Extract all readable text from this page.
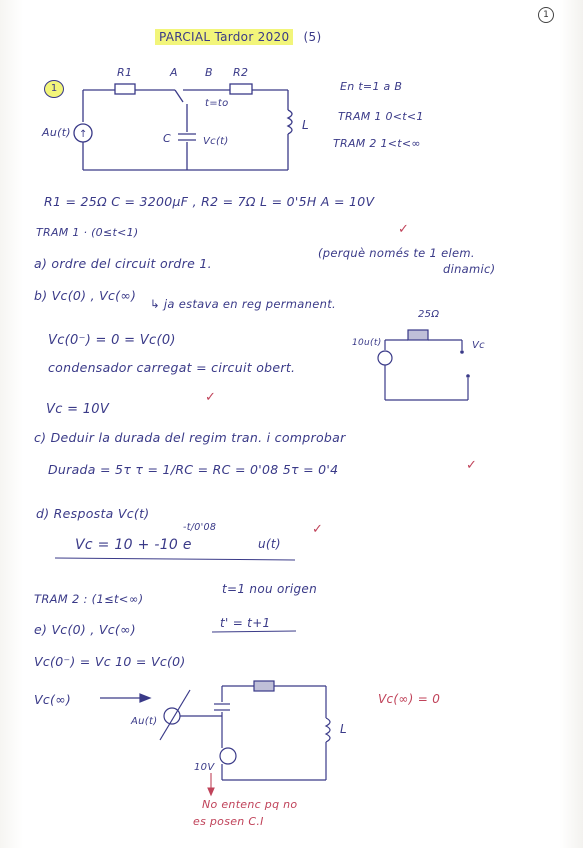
1
PARCIAL Tardor 2020 (5)
1
↑
R1	A B R2
t=to
Au(t)	C	Vc(t)
L
En t=1 a B
TRAM 1 0<t<1
TRAM 2 1<t<∞
R1 = 25Ω C = 3200μF , R2 = 7Ω L = 0'5H A = 10V
TRAM 1 · (0≤t<1)	✓
a) ordre del circuit ordre 1.
(perquè només te 1 elem.
dinamic)
b) Vc(0) , Vc(∞)
↳ ja estava en reg permanent.
Vc(0⁻) = 0 = Vc(0)
condensador carregat = circuit obert.
✓
Vc = 10V
25Ω
10u(t)	Vc
c) Deduir la durada del regim tran. i comprobar
Durada = 5τ τ = 1/RC = RC = 0'08 5τ = 0'4	✓
d) Resposta Vc(t)
-t/0'08
Vc = 10 + -10 e	u(t)
✓
TRAM 2 : (1≤t<∞)
t=1 nou origen
e) Vc(0) , Vc(∞)	t' = t+1
Vc(0⁻) = Vc 10 = Vc(0)
Vc(∞)
Au(t)
10V
L
Vc(∞) = 0
No entenc pq no
es posen C.I
